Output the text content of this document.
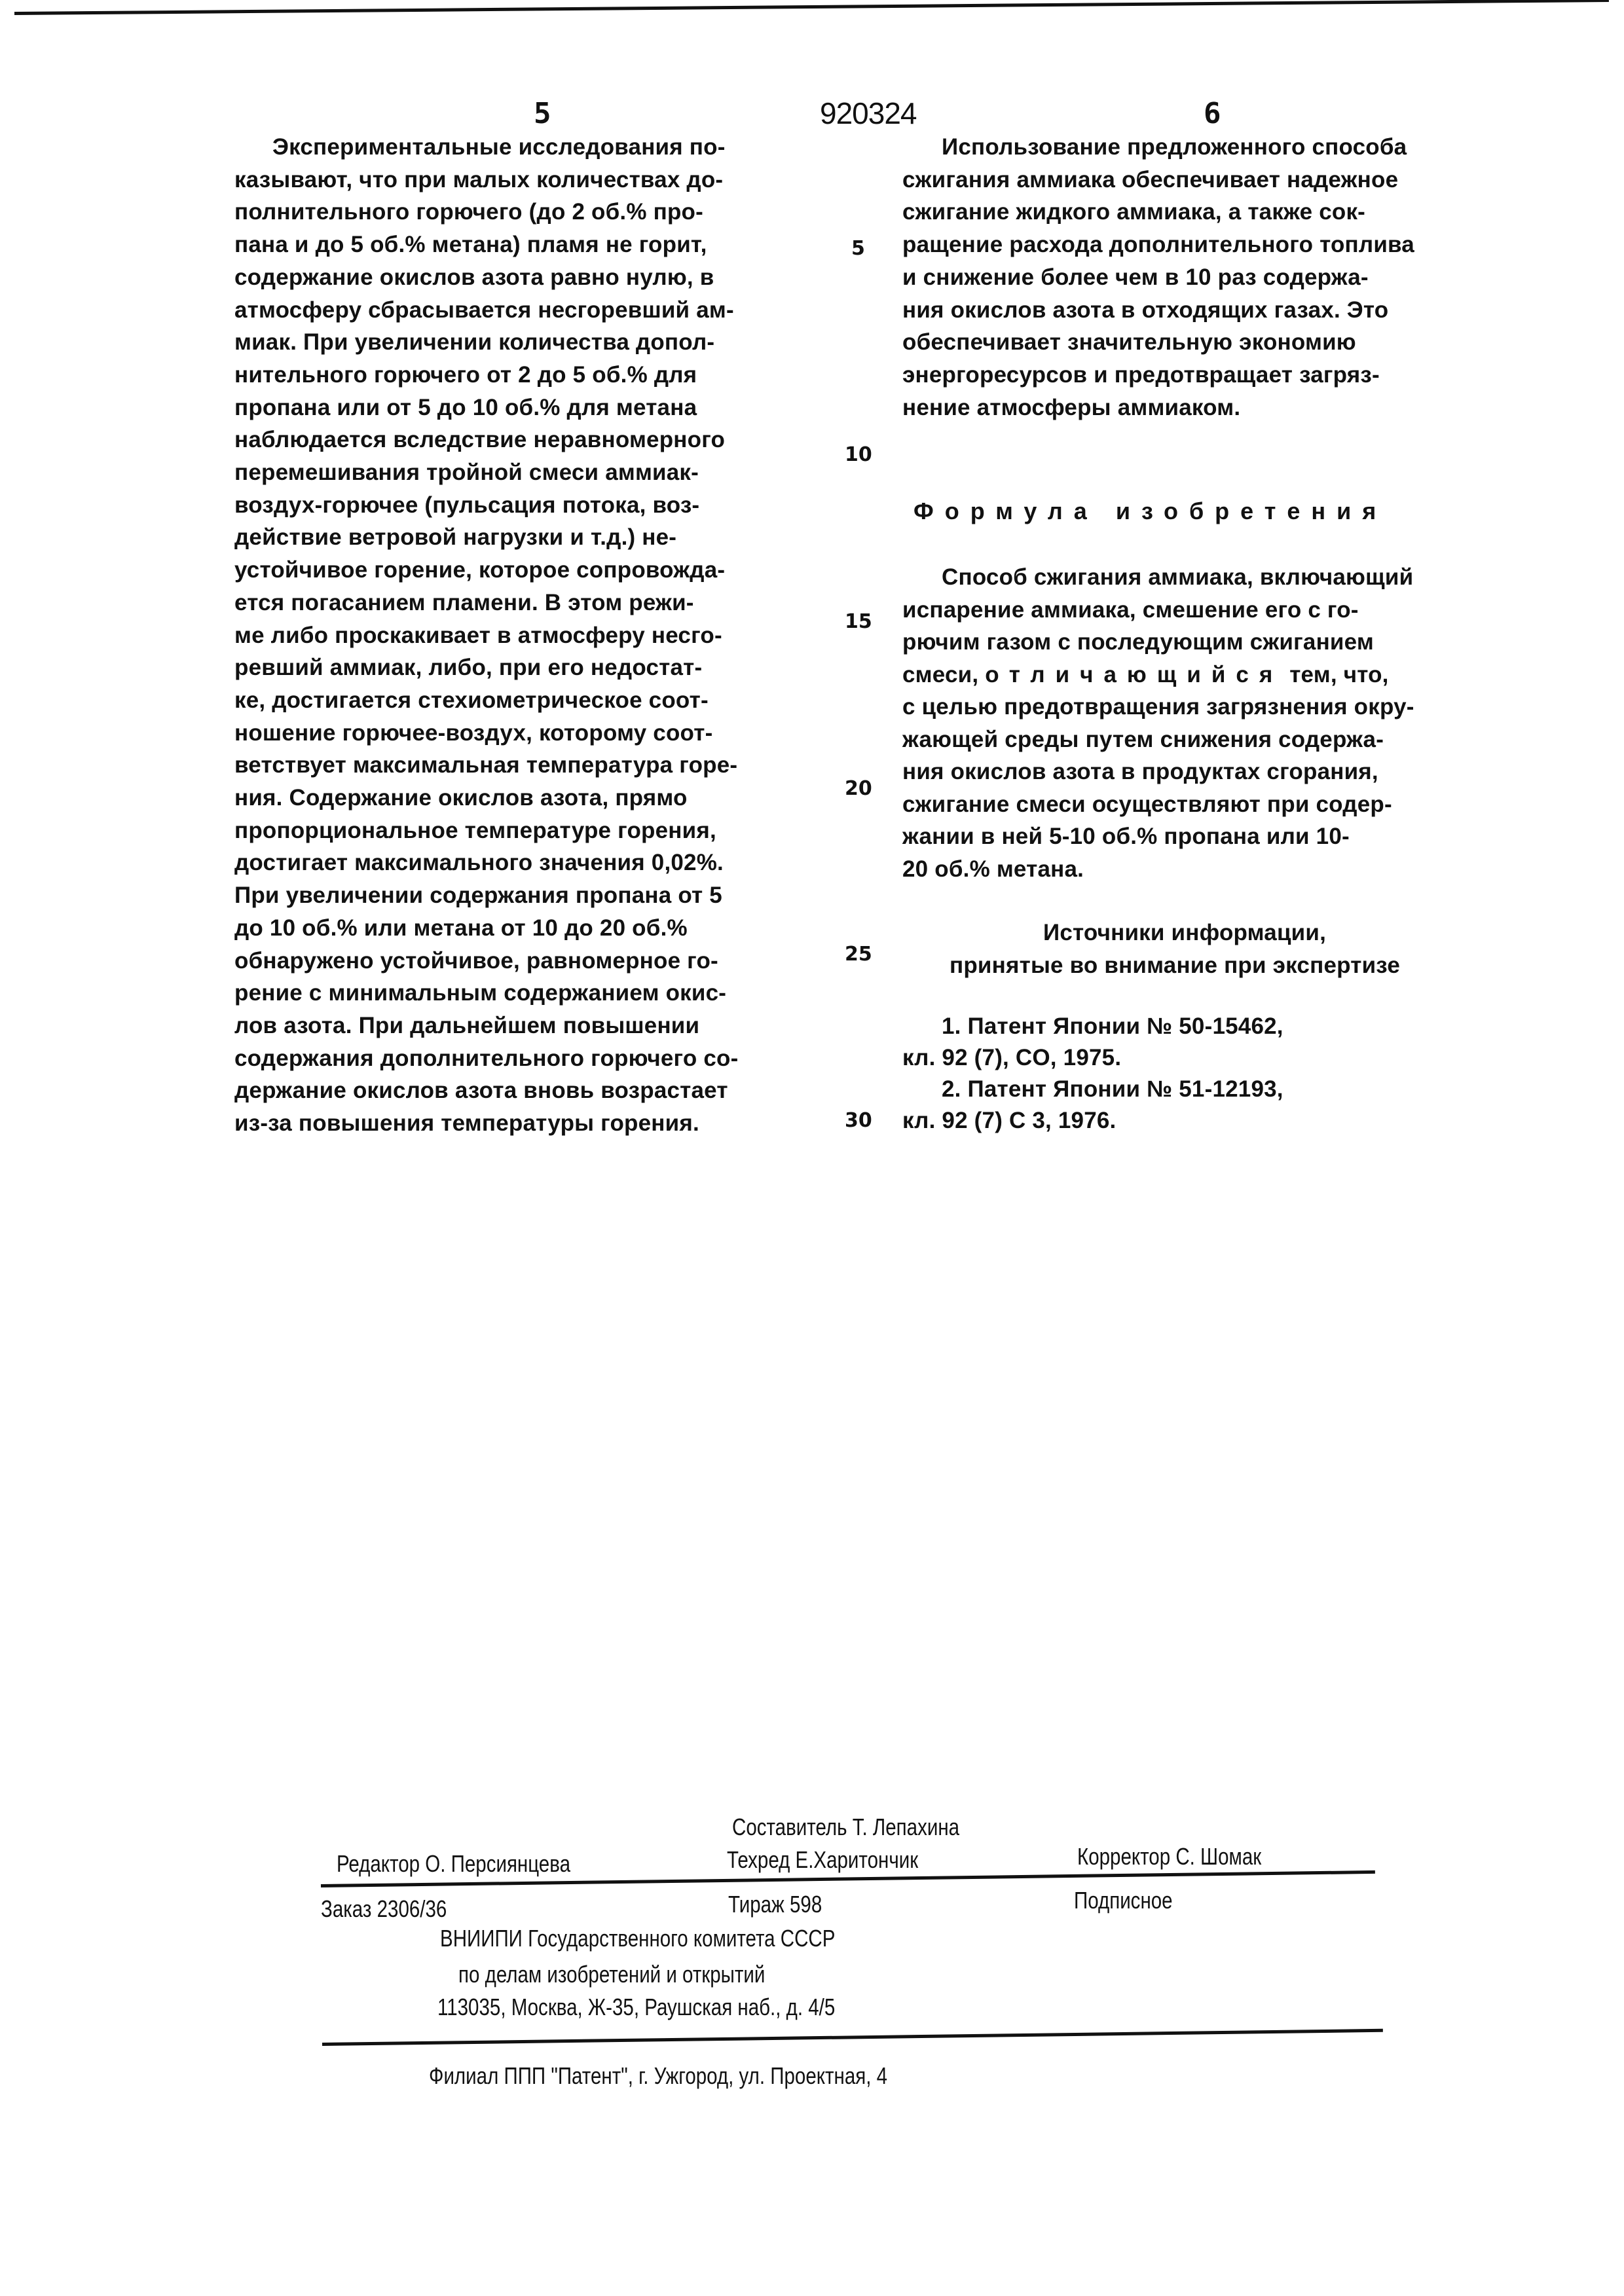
5	920324	6
Экспериментальные исследования по-
казывают, что при малых количествах до-
полнительного горючего (до 2 об.% про-
пана и до 5 об.% метана) пламя не горит,
содержание окислов азота равно нулю, в
атмосферу сбрасывается несгоревший ам-
миак. При увеличении количества допол-
нительного горючего от 2 до 5 об.% для
пропана или от 5 до 10 об.% для метана
наблюдается вследствие неравномерного
перемешивания тройной смеси аммиак-
воздух-горючее (пульсация потока, воз-
действие ветровой нагрузки и т.д.) не-
устойчивое горение, которое сопровожда-
ется погасанием пламени. В этом режи-
ме либо проскакивает в атмосферу несго-
ревший аммиак, либо, при его недостат-
ке, достигается стехиометрическое соот-
ношение горючее-воздух, которому соот-
ветствует максимальная температура горе-
ния. Содержание окислов азота, прямо
пропорциональное температуре горения,
достигает максимального значения 0,02%.
При увеличении содержания пропана от 5
до 10 об.% или метана от 10 до 20 об.%
обнаружено устойчивое, равномерное го-
рение с минимальным содержанием окис-
лов азота. При дальнейшем повышении
содержания дополнительного горючего со-
держание окислов азота вновь возрастает
из-за повышения температуры горения.
5
10
15
20
25
30
Использование предложенного способа
сжигания аммиака обеспечивает надежное
сжигание жидкого аммиака, а также сок-
ращение расхода дополнительного топлива
и снижение более чем в 10 раз содержа-
ния окислов азота в отходящих газах. Это
обеспечивает значительную экономию
энергоресурсов и предотвращает загряз-
нение атмосферы аммиаком.
Формула изобретения
Способ сжигания аммиака, включающий
испарение аммиака, смешение его с го-
рючим газом с последующим сжиганием
смеси, отличающийся тем, что,
с целью предотвращения загрязнения окру-
жающей среды путем снижения содержа-
ния окислов азота в продуктах сгорания,
сжигание смеси осуществляют при содер-
жании в ней 5-10 об.% пропана или 10-
20 об.% метана.
Источники информации,
принятые во внимание при экспертизе
1. Патент Японии № 50-15462,
кл. 92 (7), CO, 1975.
2. Патент Японии № 51-12193,
кл. 92 (7) С 3, 1976.
Составитель Т. Лепахина
Редактор О. Персиянцева	Техред Е.Харитончик	Корректор С. Шомак
Заказ 2306/36	Тираж 598	Подписное
ВНИИПИ Государственного комитета СССР
по делам изобретений и открытий
113035, Москва, Ж-35, Раушская наб., д. 4/5
Филиал ППП "Патент", г. Ужгород, ул. Проектная, 4
